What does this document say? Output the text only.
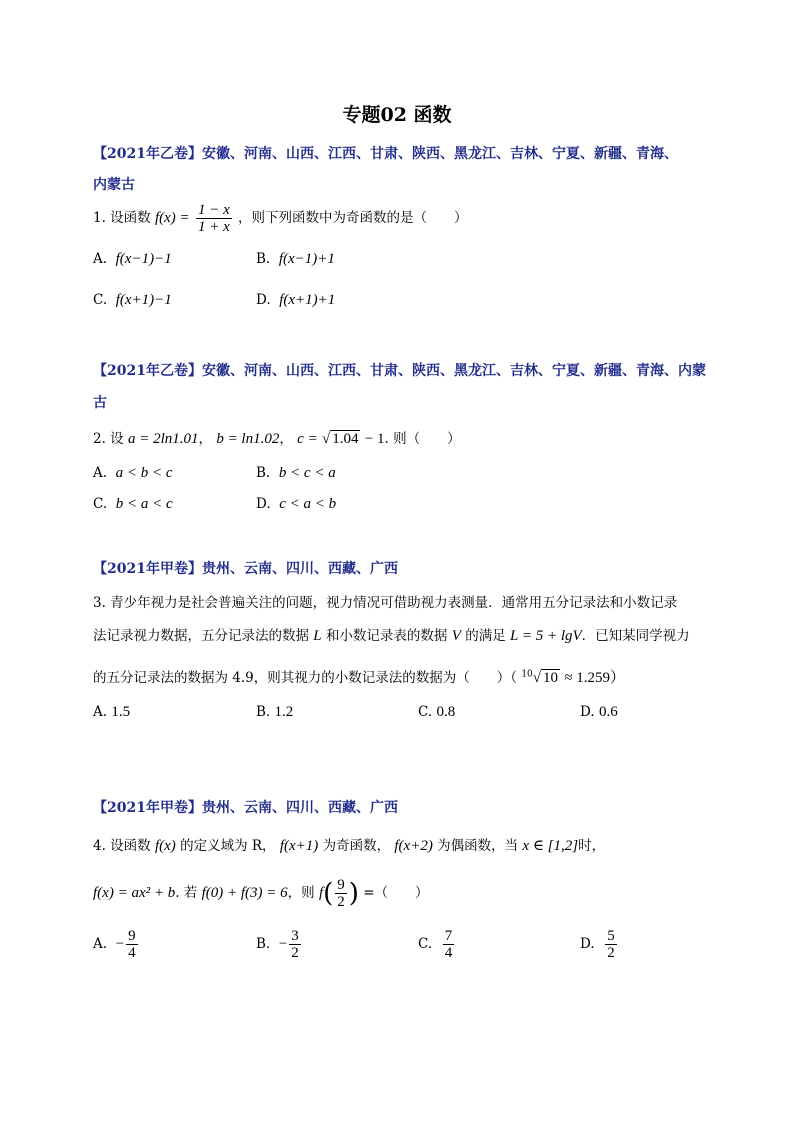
专题02 函数
【2021年乙卷】安徽、河南、山西、江西、甘肃、陕西、黑龙江、吉林、宁夏、新疆、青海、
内蒙古
1. 设函数 $f(x) = \frac{1 - x}{1 + x}$ ，则下列函数中为奇函数的是（　　）
A. f(x−1)−1	B. f(x−1)+1
C. f(x+1)−1	D. f(x+1)+1
【2021年乙卷】安徽、河南、山西、江西、甘肃、陕西、黑龙江、吉林、宁夏、新疆、青海、内蒙
古
2. 设 a = 2ln1.01， b = ln1.02， c = √ 1.04 − 1. 则（　　）
A. a < b < c	B. b < c < a
C. b < a < c	D. c < a < b
【2021年甲卷】贵州、云南、四川、西藏、广西
3. 青少年视力是社会普遍关注的问题，视力情况可借助视力表测量．通常用五分记录法和小数记录
法记录视力数据，五分记录法的数据 L 和小数记录表的数据 V 的满足 L = 5 + lgV．已知某同学视力
的五分记录法的数据为 4.9，则其视力的小数记录法的数据为（　　）（ $^{10}$√ 10 ≈ 1.259）
A. 1.5	B. 1.2	C. 0.8	D. 0.6
【2021年甲卷】贵州、云南、四川、西藏、广西
4. 设函数 f(x) 的定义域为 R， f(x+1) 为奇函数， f(x+2) 为偶函数，当 x ∈ [1,2]时，
f(x) = ax² + b. 若 f(0) + f(3) = 6，则 $f( \frac{9}{2}$ ) =（　　）
A. − $\frac{9}{4}$	B. − $\frac{3}{2}$	C. $\frac{7}{4}$	D. $\frac{5}{2}$
